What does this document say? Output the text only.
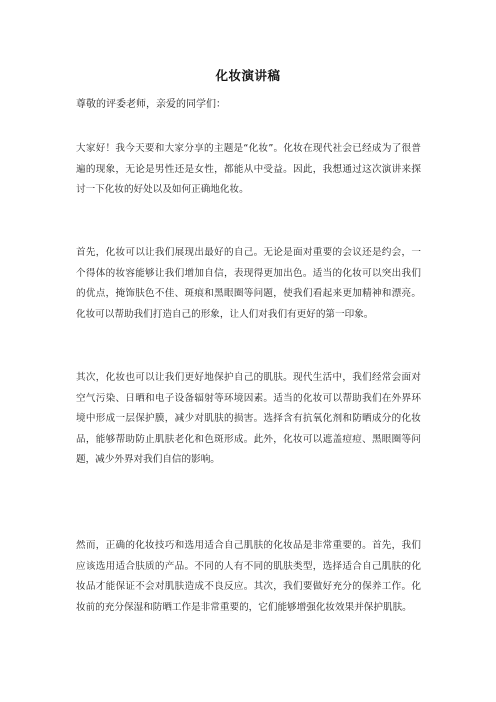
化妆演讲稿
尊敬的评委老师，亲爱的同学们：
大家好！我今天要和大家分享的主题是“化妆”。化妆在现代社会已经成为了很普遍的现象，无论是男性还是女性，都能从中受益。因此，我想通过这次演讲来探讨一下化妆的好处以及如何正确地化妆。
首先，化妆可以让我们展现出最好的自己。无论是面对重要的会议还是约会，一个得体的妆容能够让我们增加自信，表现得更加出色。适当的化妆可以突出我们的优点，掩饰肤色不佳、斑痕和黑眼圈等问题，使我们看起来更加精神和漂亮。化妆可以帮助我们打造自己的形象，让人们对我们有更好的第一印象。
其次，化妆也可以让我们更好地保护自己的肌肤。现代生活中，我们经常会面对空气污染、日晒和电子设备辐射等环境因素。适当的化妆可以帮助我们在外界环境中形成一层保护膜，减少对肌肤的损害。选择含有抗氧化剂和防晒成分的化妆品，能够帮助防止肌肤老化和色斑形成。此外，化妆可以遮盖痘痘、黑眼圈等问题，减少外界对我们自信的影响。
然而，正确的化妆技巧和选用适合自己肌肤的化妆品是非常重要的。首先，我们应该选用适合肤质的产品。不同的人有不同的肌肤类型，选择适合自己肌肤的化妆品才能保证不会对肌肤造成不良反应。其次，我们要做好充分的保养工作。化妆前的充分保湿和防晒工作是非常重要的，它们能够增强化妆效果并保护肌肤。
